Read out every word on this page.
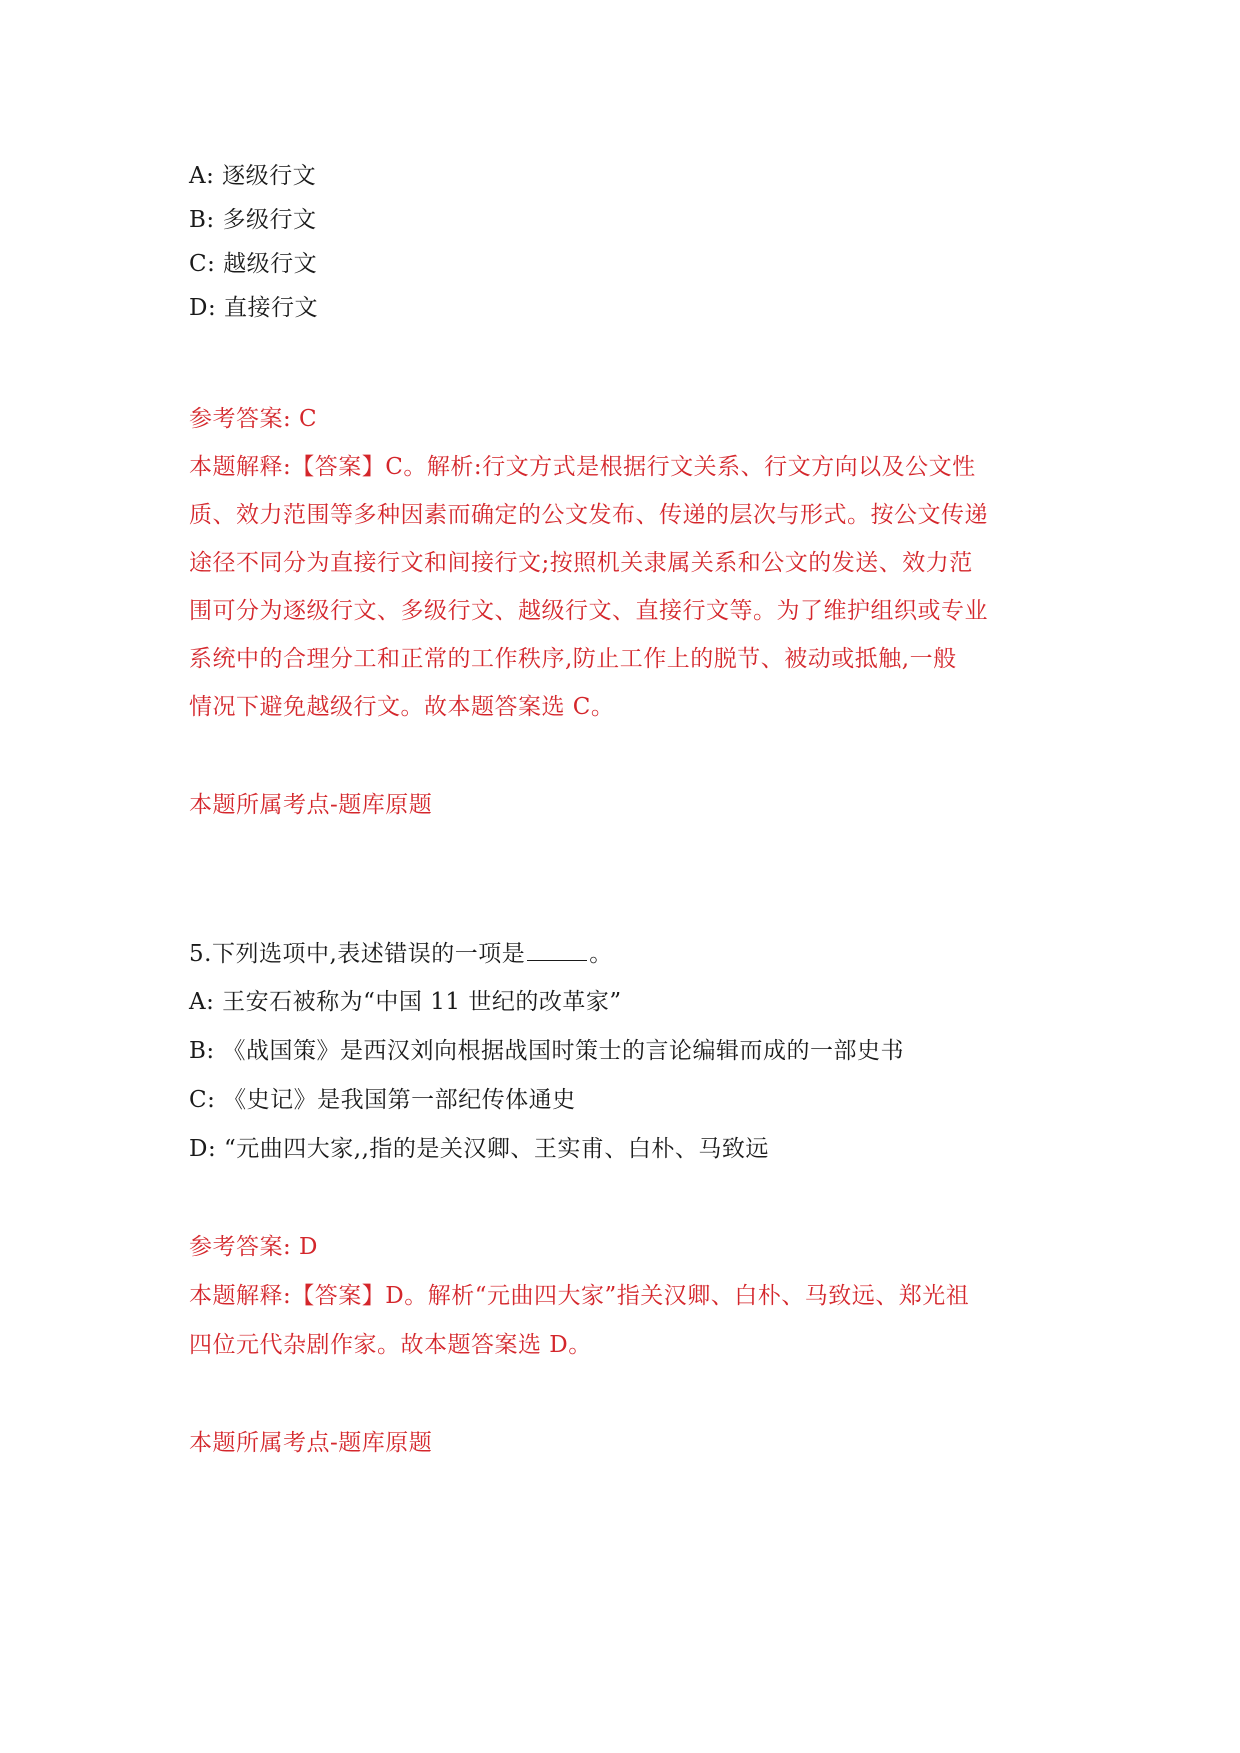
A: 逐级行文
B: 多级行文
C: 越级行文
D: 直接行文
参考答案: C
本题解释:【答案】C。解析:行文方式是根据行文关系、行文方向以及公文性
质、效力范围等多种因素而确定的公文发布、传递的层次与形式。按公文传递
途径不同分为直接行文和间接行文;按照机关隶属关系和公文的发送、效力范
围可分为逐级行文、多级行文、越级行文、直接行文等。为了维护组织或专业
系统中的合理分工和正常的工作秩序,防止工作上的脱节、被动或抵触,一般
情况下避免越级行文。故本题答案选 C。
本题所属考点-题库原题
5.下列选项中,表述错误的一项是	。
A: 王安石被称为“中国 11 世纪的改革家”
B: 《战国策》是西汉刘向根据战国时策士的言论编辑而成的一部史书
C: 《史记》是我国第一部纪传体通史
D: “元曲四大家,,指的是关汉卿、王实甫、白朴、马致远
参考答案: D
本题解释:【答案】D。解析“元曲四大家”指关汉卿、白朴、马致远、郑光祖
四位元代杂剧作家。故本题答案选 D。
本题所属考点-题库原题
